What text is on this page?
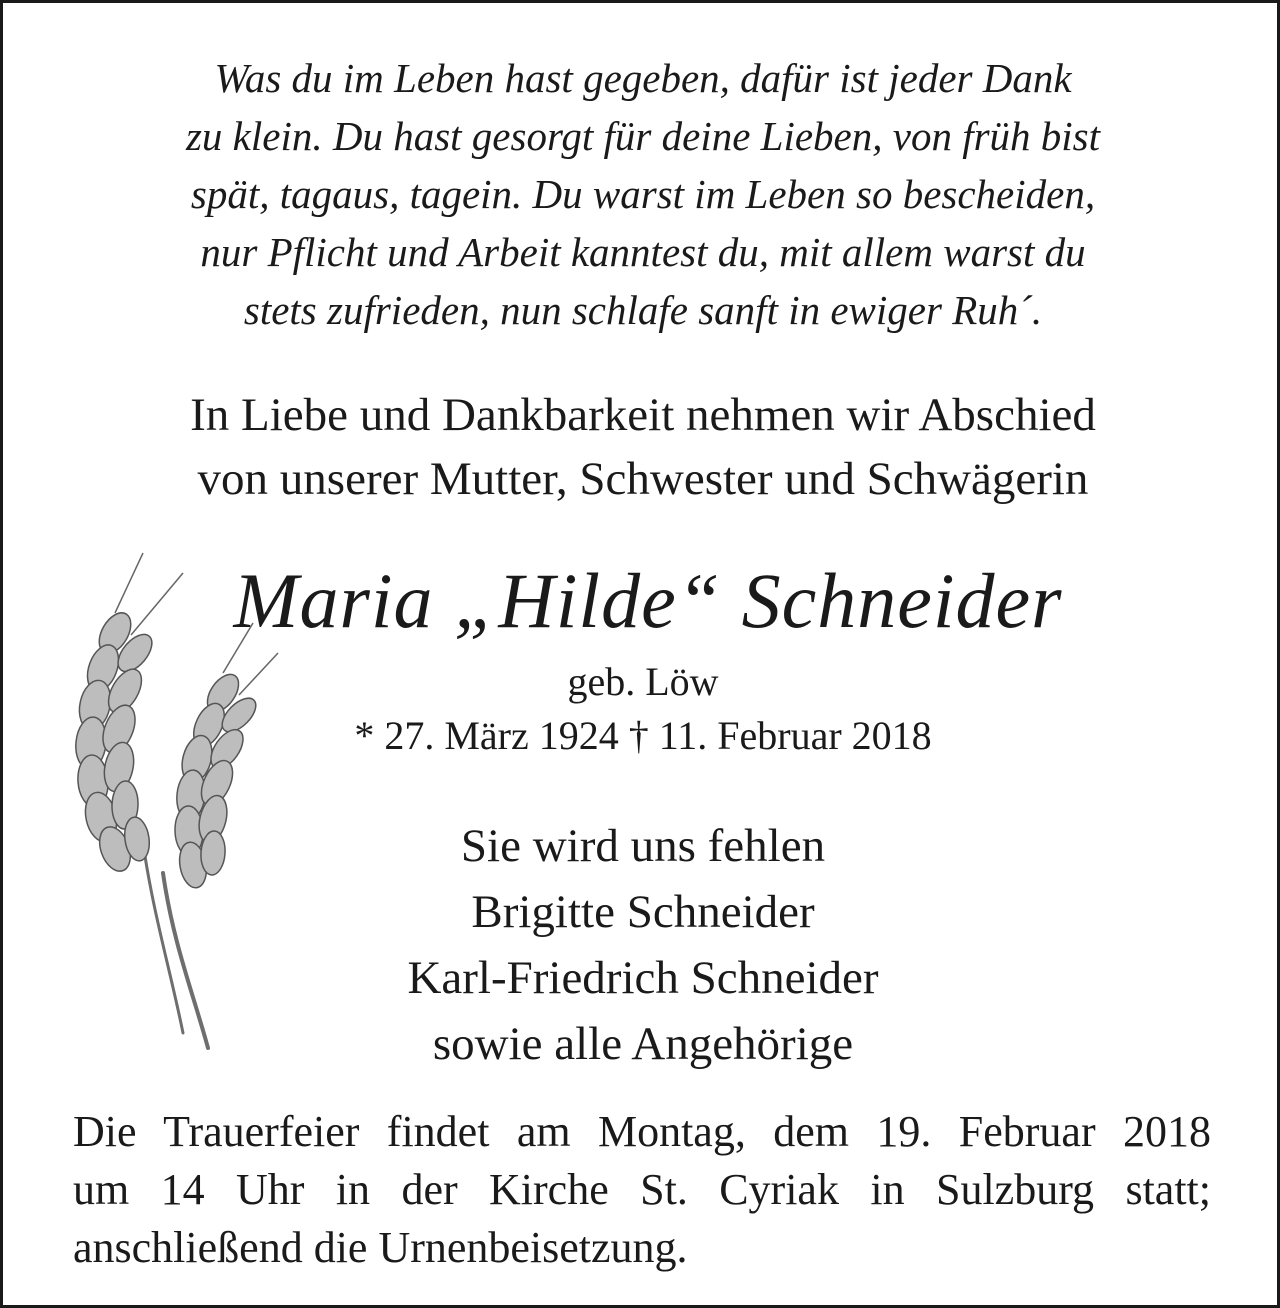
Was du im Leben hast gegeben, dafür ist jeder Dank
zu klein. Du hast gesorgt für deine Lieben, von früh bist
spät, tagaus, tagein. Du warst im Leben so bescheiden,
nur Pflicht und Arbeit kanntest du, mit allem warst du
stets zufrieden, nun schlafe sanft in ewiger Ruh´.
In Liebe und Dankbarkeit nehmen wir Abschied
von unserer Mutter, Schwester und Schwägerin
Maria „Hilde“ Schneider
geb. Löw
* 27. März 1924 † 11. Februar 2018
Sie wird uns fehlen
Brigitte Schneider
Karl-Friedrich Schneider
sowie alle Angehörige
Die Trauerfeier findet am Montag, dem 19. Februar 2018
um 14 Uhr in der Kirche St. Cyriak in Sulzburg statt;
anschließend die Urnenbeisetzung.
